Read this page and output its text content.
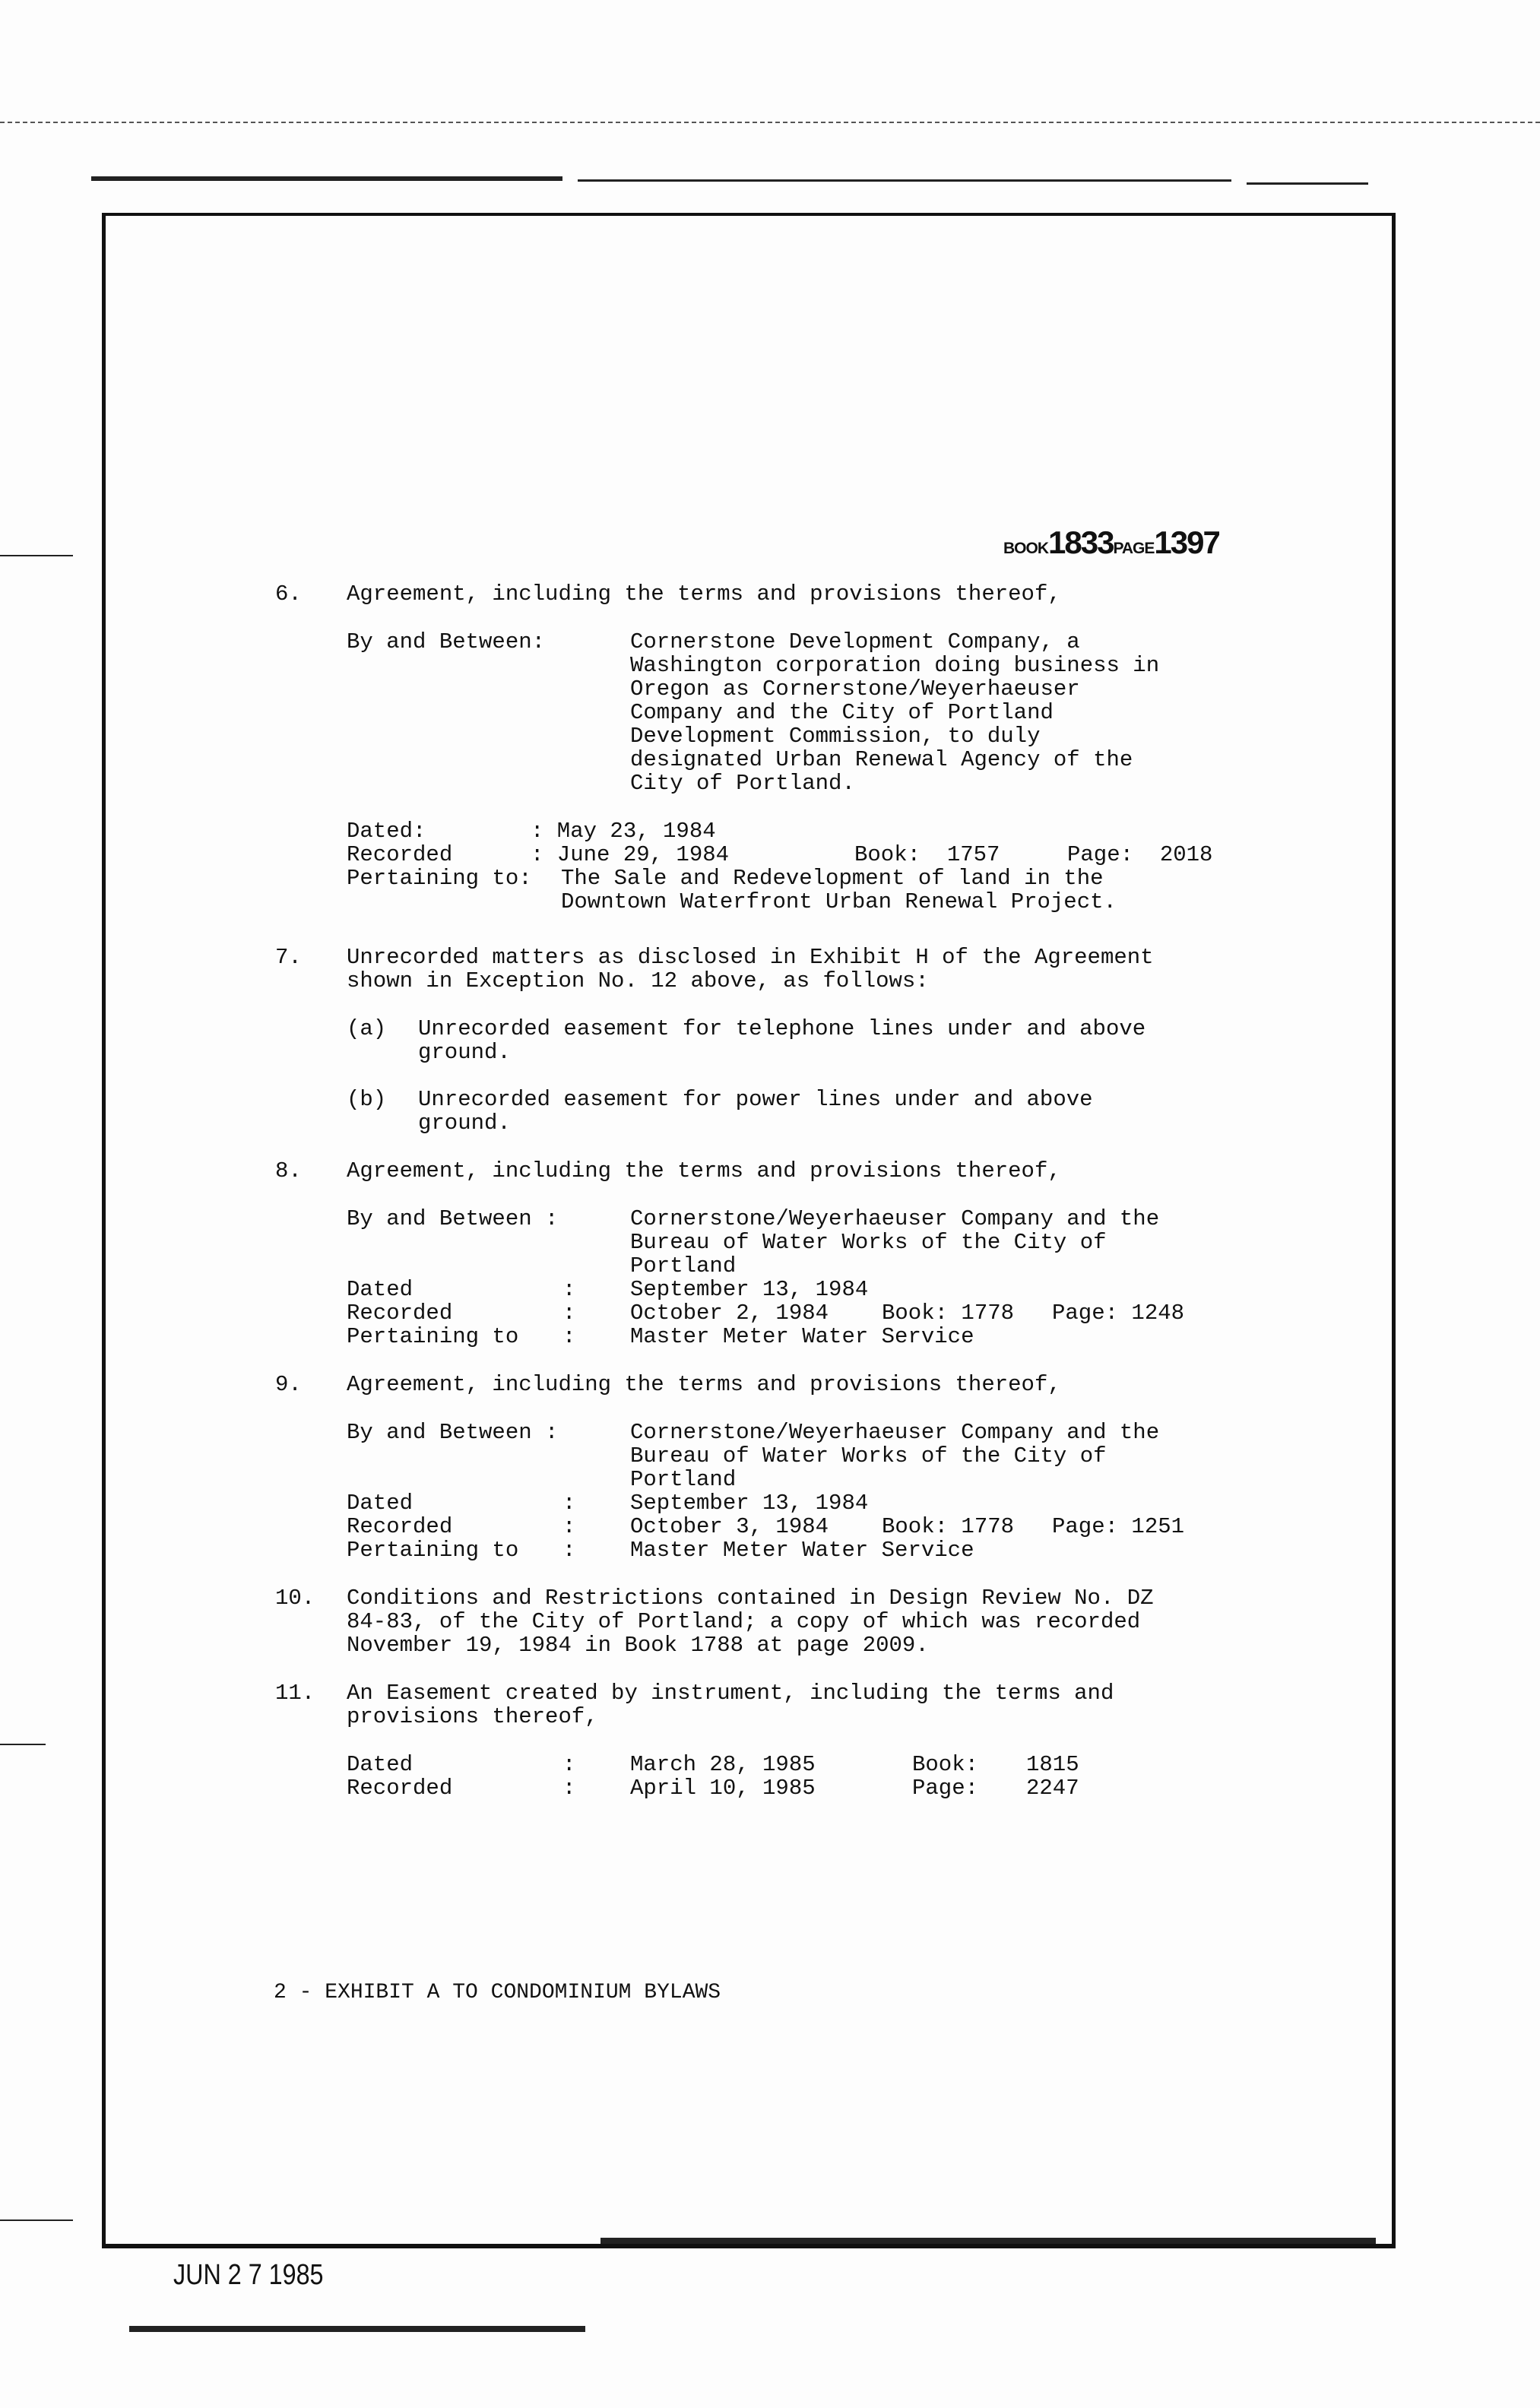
BOOK1833PAGE1397
6. Agreement, including the terms and provisions thereof,
By and Between:	Cornerstone Development Company, a
Washington corporation doing business in
Oregon as Cornerstone/Weyerhaeuser
Company and the City of Portland
Development Commission, to duly
designated Urban Renewal Agency of the
City of Portland.
Dated:	: May 23, 1984
Recorded	: June 29, 1984	Book:  1757	Page:  2018
Pertaining to: The Sale and Redevelopment of land in the
Downtown Waterfront Urban Renewal Project.
7. Unrecorded matters as disclosed in Exhibit H of the Agreement
shown in Exception No. 12 above, as follows:
(a) Unrecorded easement for telephone lines under and above
ground.
(b) Unrecorded easement for power lines under and above
ground.
8. Agreement, including the terms and provisions thereof,
By and Between :	Cornerstone/Weyerhaeuser Company and the
Bureau of Water Works of the City of
Portland
Dated	: September 13, 1984
Recorded	: October 2, 1984 Book: 1778 Page: 1248
Pertaining to : Master Meter Water Service
9. Agreement, including the terms and provisions thereof,
By and Between :	Cornerstone/Weyerhaeuser Company and the
Bureau of Water Works of the City of
Portland
Dated	: September 13, 1984
Recorded	: October 3, 1984 Book: 1778 Page: 1251
Pertaining to : Master Meter Water Service
10. Conditions and Restrictions contained in Design Review No. DZ
84-83, of the City of Portland; a copy of which was recorded
November 19, 1984 in Book 1788 at page 2009.
11. An Easement created by instrument, including the terms and
provisions thereof,
Dated	: March 28, 1985	Book: 1815
Recorded	: April 10, 1985	Page: 2247
2 - EXHIBIT A TO CONDOMINIUM BYLAWS
JUN 2 7 1985
